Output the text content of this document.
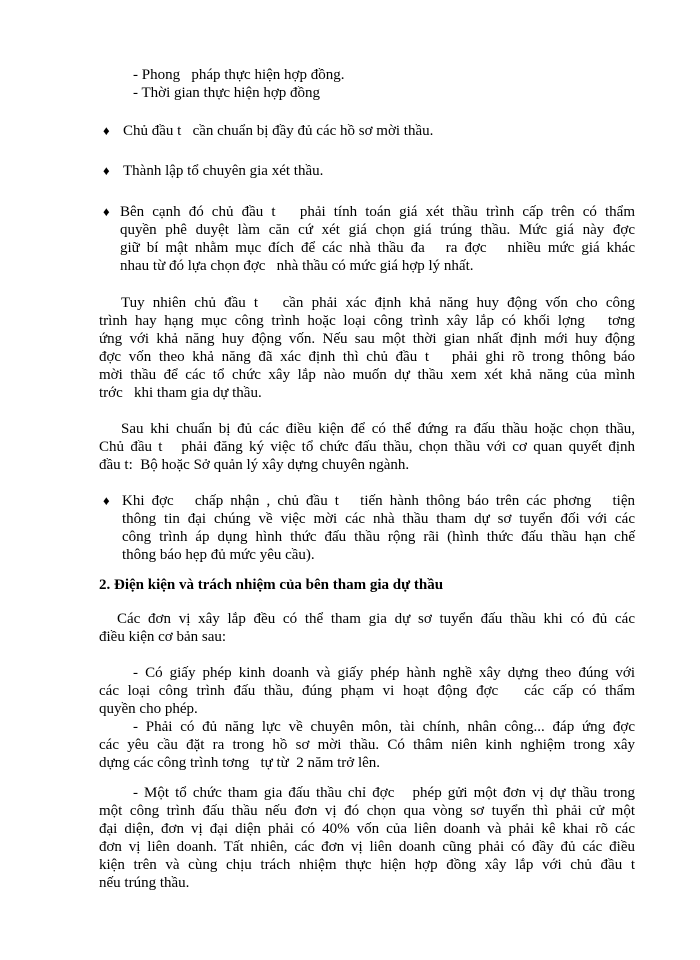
- Phong   pháp thực hiện hợp đồng.
- Thời gian thực hiện hợp đồng
♦ Chủ đầu t   cần chuẩn bị đầy đủ các hồ sơ mời thầu.
♦ Thành lập tổ chuyên gia xét thầu.
♦ Bên cạnh đó chủ đầu t   phải tính toán giá xét thầu trình cấp trên có thẩm
quyền phê duyệt làm căn cứ xét giá chọn giá trúng thầu. Mức giá này đợc
giữ bí mật nhằm mục đích để các nhà thầu đa   ra đợc   nhiều mức giá khác
nhau từ đó lựa chọn đợc   nhà thầu có mức giá hợp lý nhất.
Tuy nhiên chủ đầu t   cần phải xác định khả năng huy động vốn cho công
trình hay hạng mục công trình hoặc loại công trình xây lắp có khối lợng   tơng
ứng với khả năng huy động vốn. Nếu sau một thời gian nhất định mới huy động
đợc vốn theo khả năng đã xác định thì chủ đầu t   phải ghi rõ trong thông báo
mời thầu để các tổ chức xây lắp nào muốn dự thầu xem xét khả năng của mình
trớc   khi tham gia dự thầu.
Sau khi chuẩn bị đủ các điều kiện để có thể đứng ra đấu thầu hoặc chọn thầu,
Chủ đầu t   phải đăng ký việc tổ chức đấu thầu, chọn thầu với cơ quan quyết định
đầu t:  Bộ hoặc Sở quản lý xây dựng chuyên ngành.
♦ Khi đợc   chấp nhận , chủ đầu t   tiến hành thông báo trên các phơng   tiện
thông tin đại chúng về việc mời các nhà thầu tham dự sơ tuyển đối với các
công trình áp dụng hình thức đấu thầu rộng rãi (hình thức đấu thầu hạn chế
thông báo hẹp đủ mức yêu cầu).
2. Điện kiện và trách nhiệm của bên tham gia dự thầu
Các đơn vị xây lắp đều có thể tham gia dự sơ tuyển đấu thầu khi có đủ các
điều kiện cơ bản sau:
- Có giấy phép kinh doanh và giấy phép hành nghề xây dựng theo đúng với
các loại công trình đấu thầu, đúng phạm vi hoạt động đợc   các cấp có thẩm
quyền cho phép.
- Phải có đủ năng lực về chuyên môn, tài chính, nhân công... đáp ứng đợc
các yêu cầu đặt ra trong hồ sơ mời thầu. Có thâm niên kinh nghiệm trong xây
dựng các công trình tơng   tự từ  2 năm trở lên.
- Một tổ chức tham gia đấu thầu chỉ đợc   phép gửi một đơn vị dự thầu trong
một công trình đấu thầu nếu đơn vị đó chọn qua vòng sơ tuyển thì phải cử một
đại diện, đơn vị đại diện phải có 40% vốn của liên doanh và phải kê khai rõ các
đơn vị liên doanh. Tất nhiên, các đơn vị liên doanh cũng phải có đầy đủ các điều
kiện trên và cùng chịu trách nhiệm thực hiện hợp đồng xây lắp với chủ đầu t
nếu trúng thầu.
